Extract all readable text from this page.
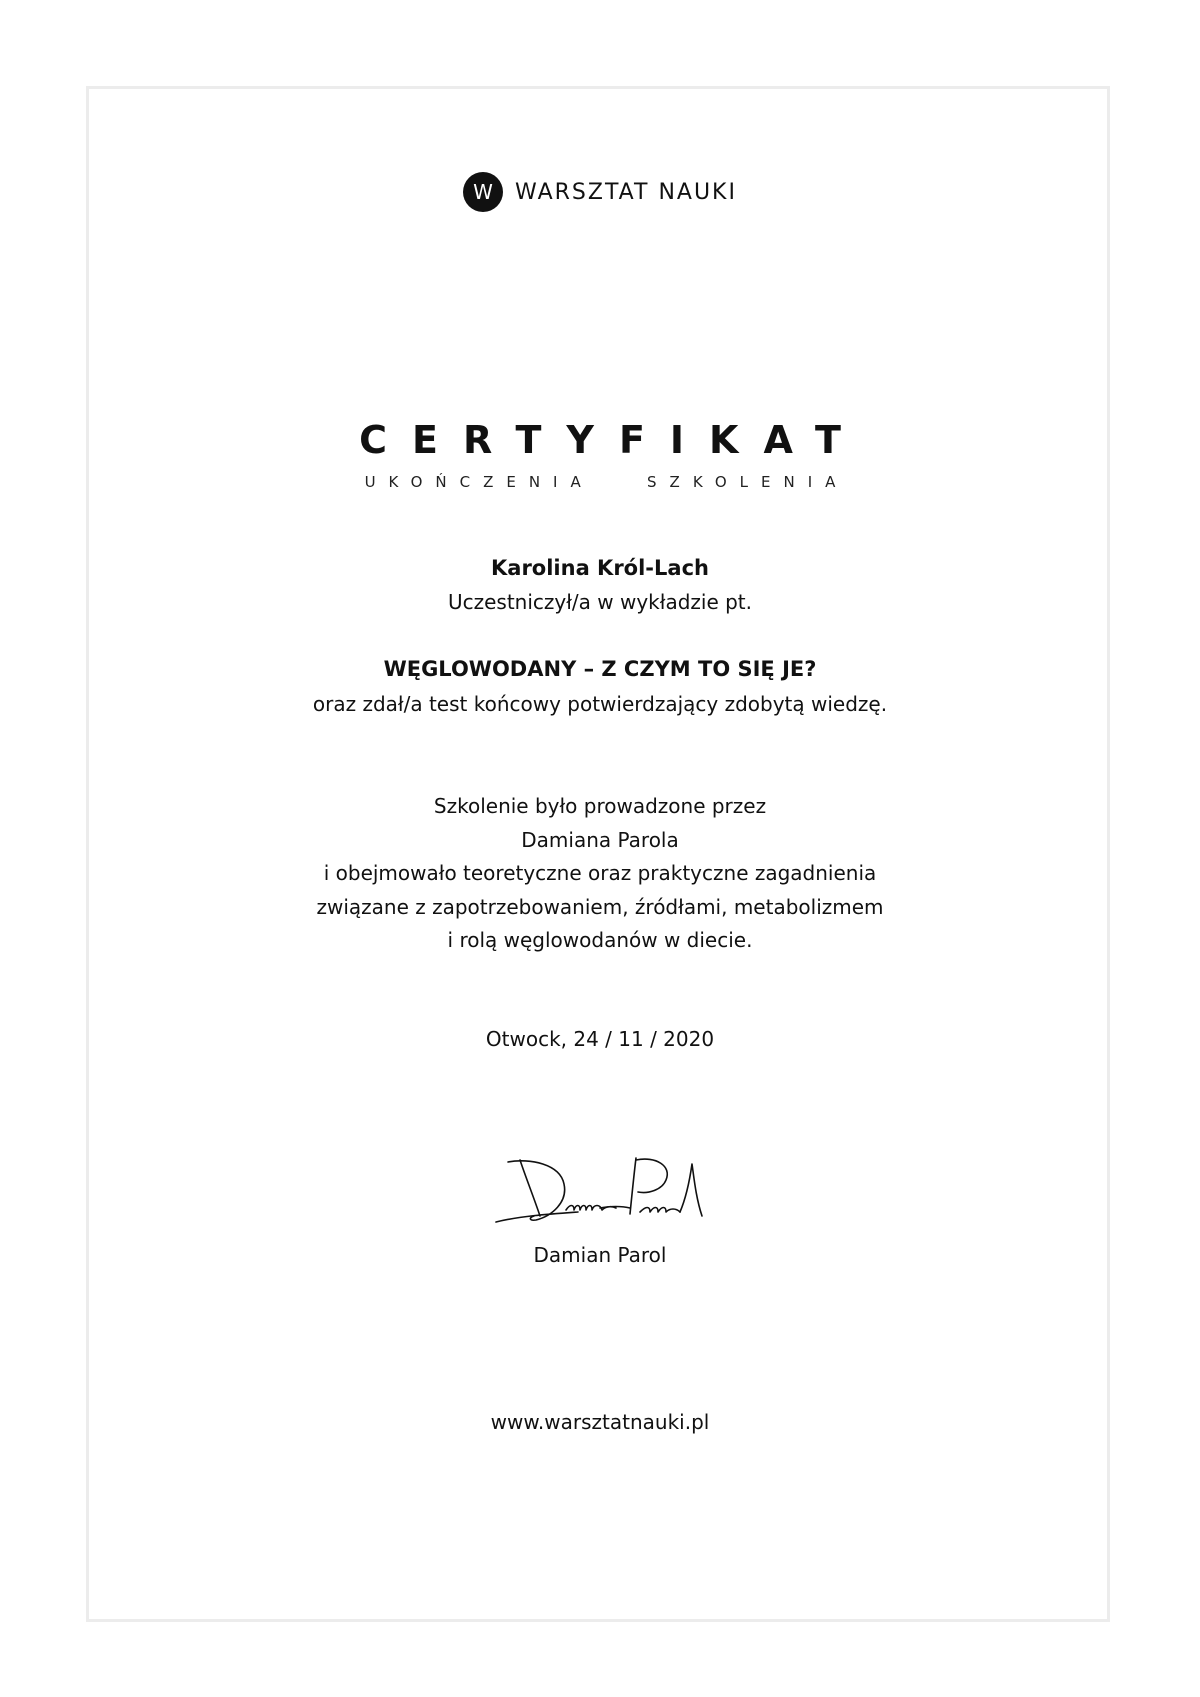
W	WARSZTAT NAUKI
CERTYFIKAT
UKOŃCZENIA   SZKOLENIA
Karolina Król-Lach
Uczestniczył/a w wykładzie pt.
WĘGLOWODANY – Z CZYM TO SIĘ JE?
oraz zdał/a test końcowy potwierdzający zdobytą wiedzę.
Szkolenie było prowadzone przez
Damiana Parola
i obejmowało teoretyczne oraz praktyczne zagadnienia
związane z zapotrzebowaniem, źródłami, metabolizmem
i rolą węglowodanów w diecie.
Otwock, 24 / 11 / 2020
Damian Parol
www.warsztatnauki.pl
